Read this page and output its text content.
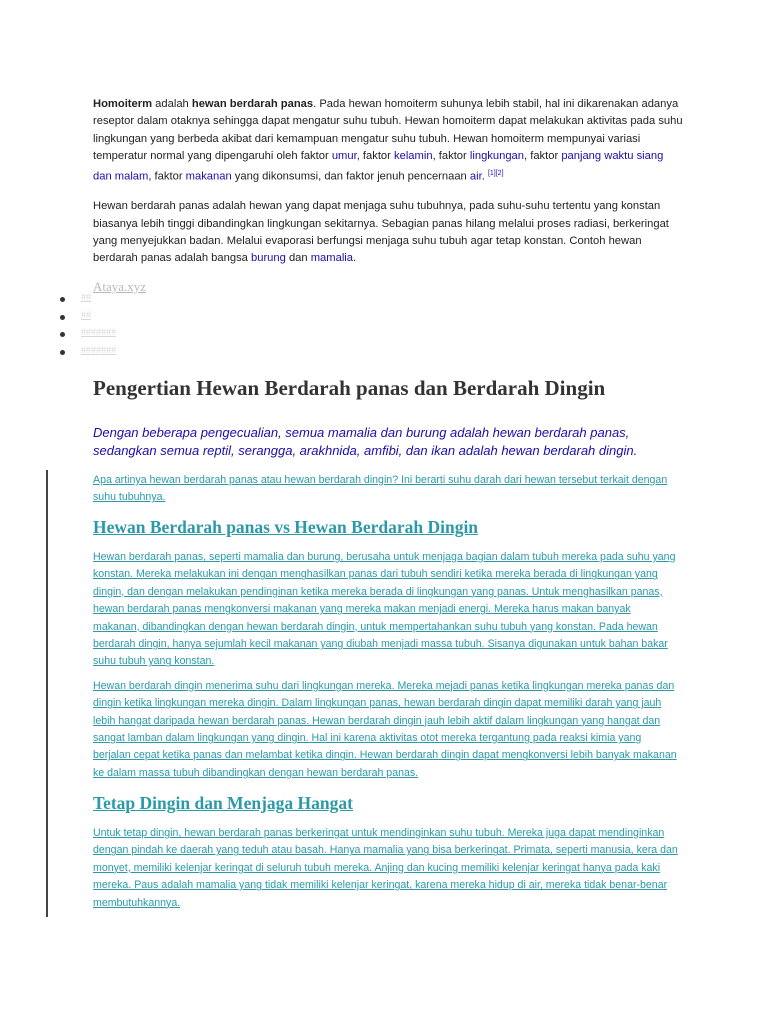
Homoiterm adalah hewan berdarah panas. Pada hewan homoiterm suhunya lebih stabil, hal ini dikarenakan adanya reseptor dalam otaknya sehingga dapat mengatur suhu tubuh. Hewan homoiterm dapat melakukan aktivitas pada suhu lingkungan yang berbeda akibat dari kemampuan mengatur suhu tubuh. Hewan homoiterm mempunyai variasi temperatur normal yang dipengaruhi oleh faktor umur, faktor kelamin, faktor lingkungan, faktor panjang waktu siang dan malam, faktor makanan yang dikonsumsi, dan faktor jenuh pencernaan air. [1][2]

Hewan berdarah panas adalah hewan yang dapat menjaga suhu tubuhnya, pada suhu-suhu tertentu yang konstan biasanya lebih tinggi dibandingkan lingkungan sekitarnya. Sebagian panas hilang melalui proses radiasi, berkeringat yang menyejukkan badan. Melalui evaporasi berfungsi menjaga suhu tubuh agar tetap konstan. Contoh hewan berdarah panas adalah bangsa burung dan mamalia.

Ataya.xyz
##
##
#######
#######
Pengertian Hewan Berdarah panas dan Berdarah Dingin

Dengan beberapa pengecualian, semua mamalia dan burung adalah hewan berdarah panas, sedangkan semua reptil, serangga, arakhnida, amfibi, dan ikan adalah hewan berdarah dingin.

Apa artinya hewan berdarah panas atau hewan berdarah dingin? Ini berarti suhu darah dari hewan tersebut terkait dengan suhu tubuhnya.

Hewan Berdarah panas vs Hewan Berdarah Dingin

Hewan berdarah panas, seperti mamalia dan burung, berusaha untuk menjaga bagian dalam tubuh mereka pada suhu yang konstan. Mereka melakukan ini dengan menghasilkan panas dari tubuh sendiri ketika mereka berada di lingkungan yang dingin, dan dengan melakukan pendinginan ketika mereka berada di lingkungan yang panas. Untuk menghasilkan panas, hewan berdarah panas mengkonversi makanan yang mereka makan menjadi energi. Mereka harus makan banyak makanan, dibandingkan dengan hewan berdarah dingin, untuk mempertahankan suhu tubuh yang konstan. Pada hewan berdarah dingin, hanya sejumlah kecil makanan yang diubah menjadi massa tubuh. Sisanya digunakan untuk bahan bakar suhu tubuh yang konstan.

Hewan berdarah dingin menerima suhu dari lingkungan mereka. Mereka mejadi panas ketika lingkungan mereka panas dan dingin ketika lingkungan mereka dingin. Dalam lingkungan panas, hewan berdarah dingin dapat memiliki darah yang jauh lebih hangat daripada hewan berdarah panas. Hewan berdarah dingin jauh lebih aktif dalam lingkungan yang hangat dan sangat lamban dalam lingkungan yang dingin. Hal ini karena aktivitas otot mereka tergantung pada reaksi kimia yang berjalan cepat ketika panas dan melambat ketika dingin. Hewan berdarah dingin dapat mengkonversi lebih banyak makanan ke dalam massa tubuh dibandingkan dengan hewan berdarah panas.

Tetap Dingin dan Menjaga Hangat

Untuk tetap dingin, hewan berdarah panas berkeringat untuk mendinginkan suhu tubuh. Mereka juga dapat mendinginkan dengan pindah ke daerah yang teduh atau basah. Hanya mamalia yang bisa berkeringat. Primata, seperti manusia, kera dan monyet, memiliki kelenjar keringat di seluruh tubuh mereka. Anjing dan kucing memiliki kelenjar keringat hanya pada kaki mereka. Paus adalah mamalia yang tidak memiliki kelenjar keringat, karena mereka hidup di air, mereka tidak benar-benar membutuhkannya.
